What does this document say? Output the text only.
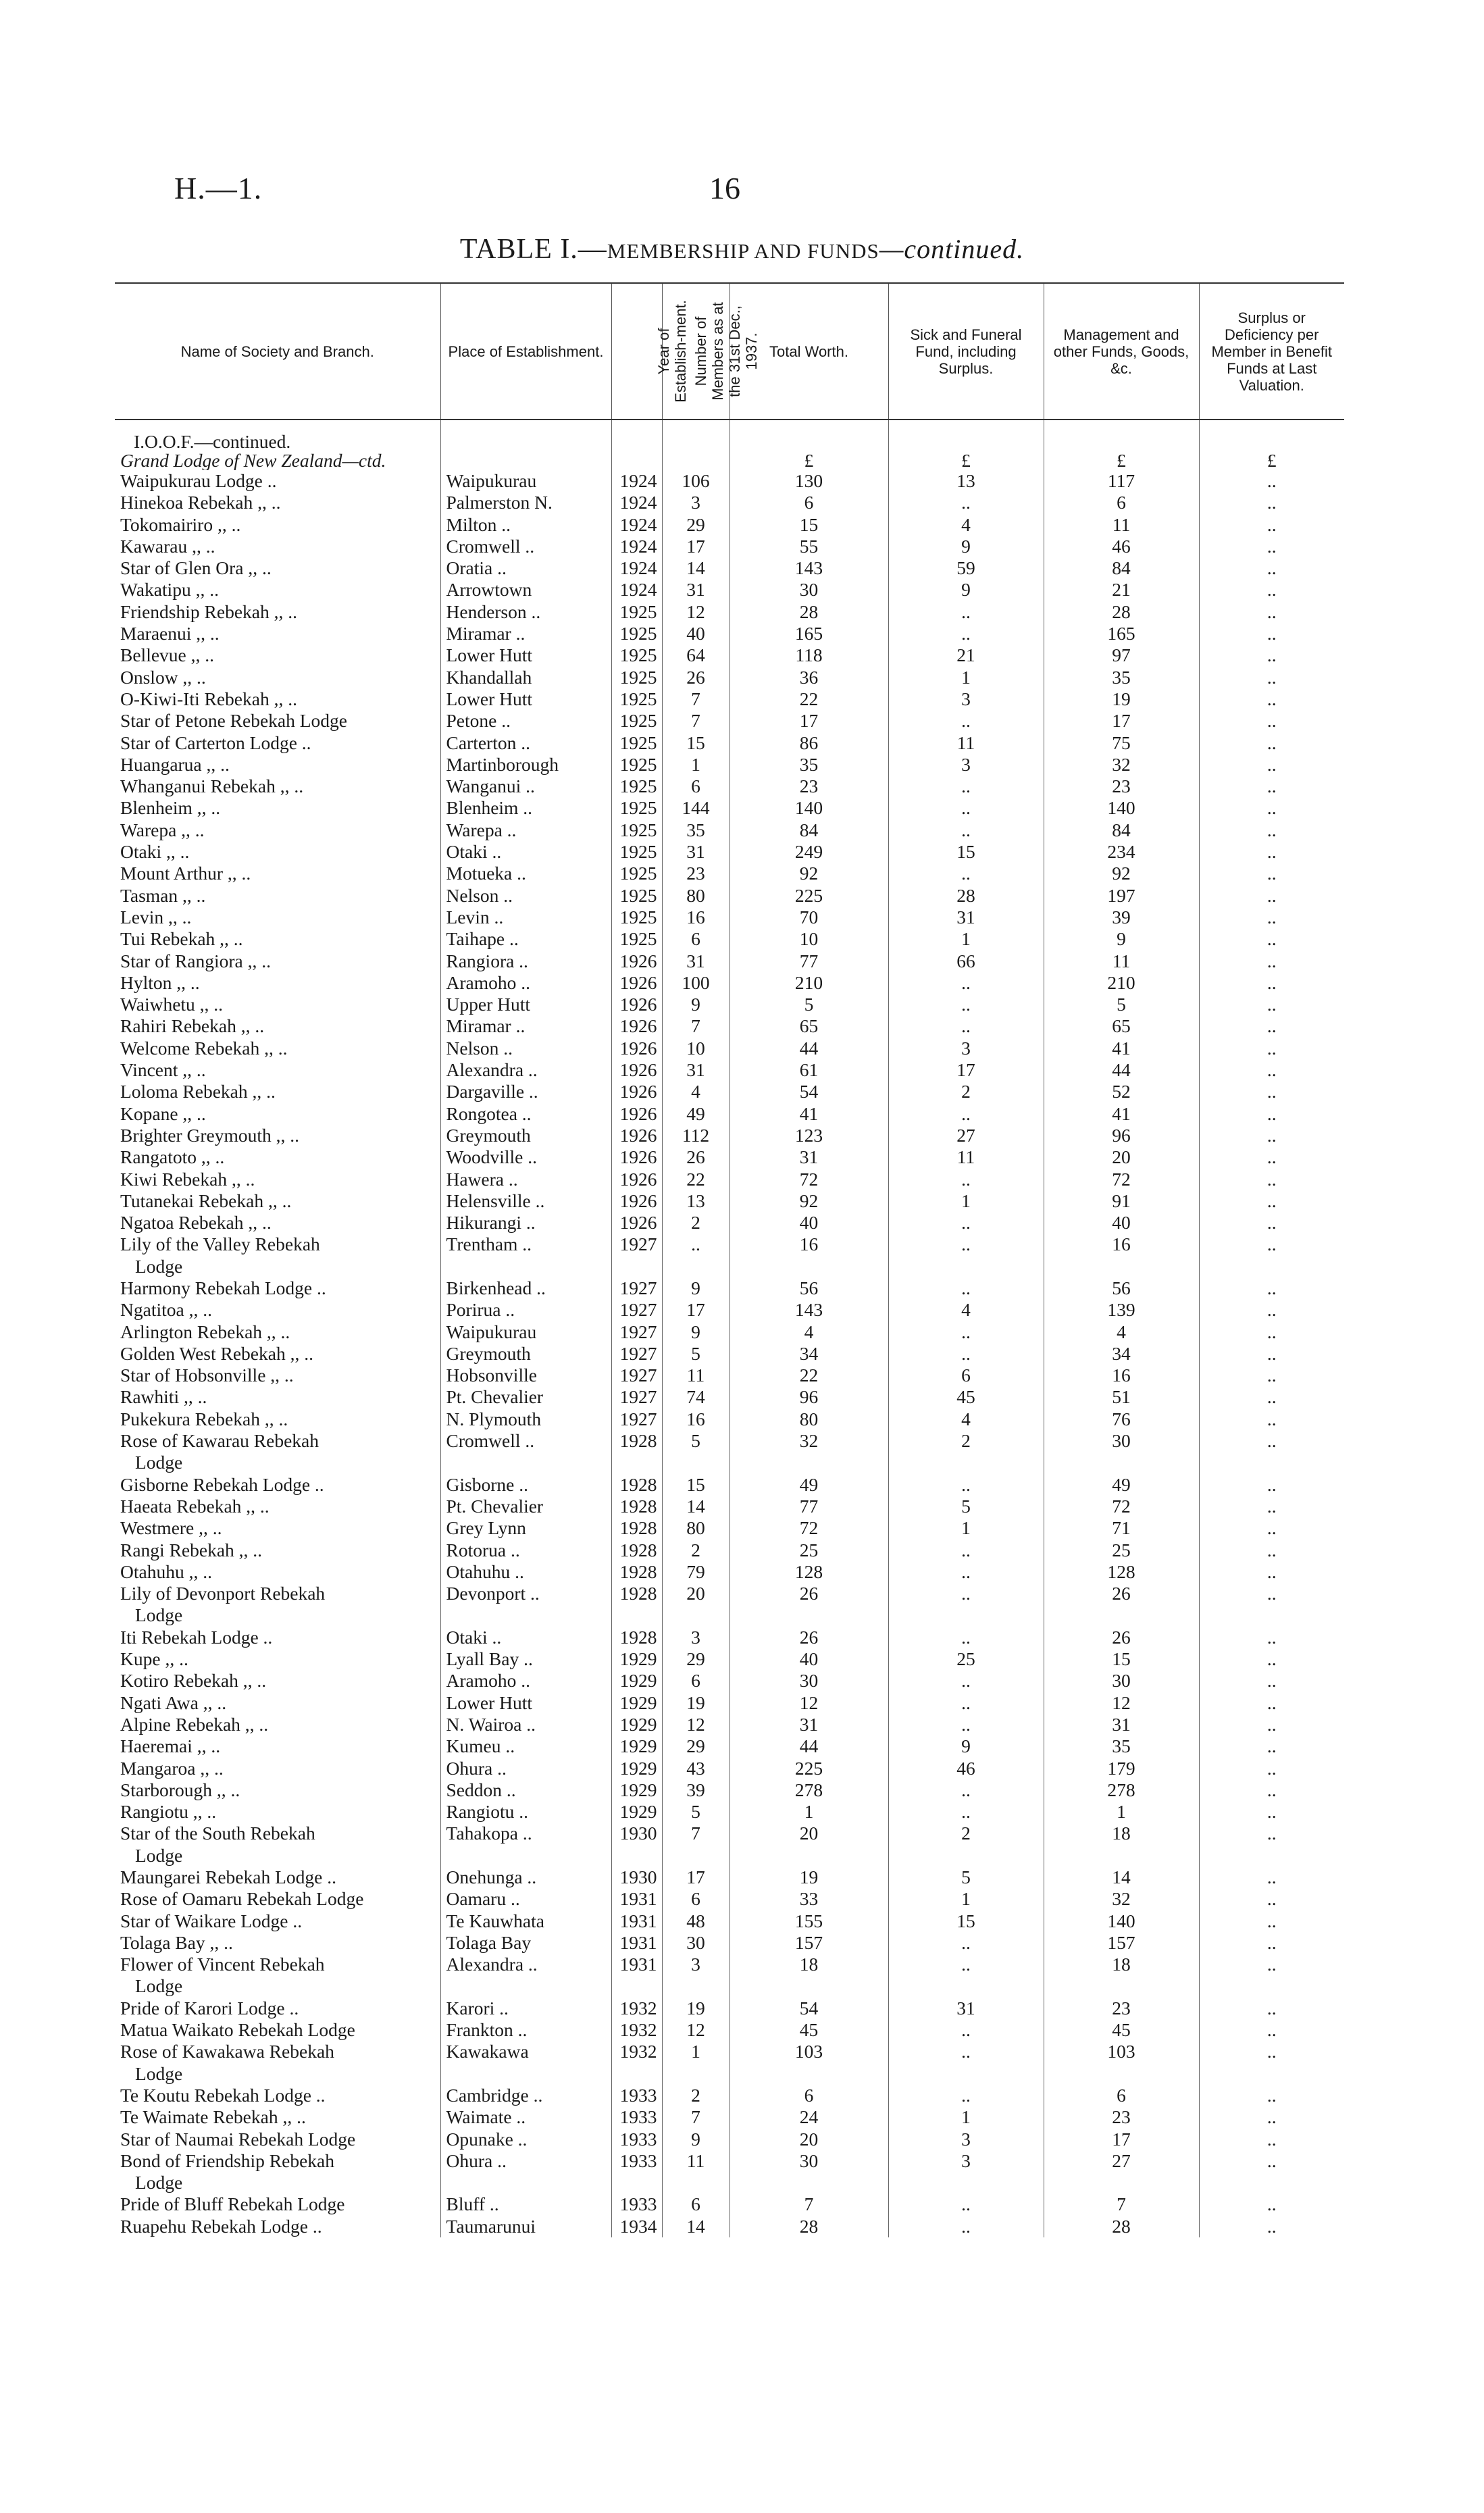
H.—1.	16
TABLE I.—MEMBERSHIP AND FUNDS—continued.
Name of Society and Branch.	Place of Establishment.	Year of Establish-ment.	Number of Members as at the 31st Dec., 1937.	Total Worth.	Sick and Funeral Fund, including Surplus.	Management and other Funds, Goods, &c.	Surplus or Deficiency per Member in Benefit Funds at Last Valuation.

I.O.O.F.—continued.							
Grand Lodge of New Zealand—ctd.				£	£	£	£
Waipukurau Lodge ..	Waipukurau	1924	106	130	13	117	..
Hinekoa Rebekah ,, ..	Palmerston N.	1924	3	6	..	6	..
Tokomairiro ,, ..	Milton ..	1924	29	15	4	11	..
Kawarau ,, ..	Cromwell ..	1924	17	55	9	46	..
Star of Glen Ora ,, ..	Oratia ..	1924	14	143	59	84	..
Wakatipu ,, ..	Arrowtown	1924	31	30	9	21	..
Friendship Rebekah ,, ..	Henderson ..	1925	12	28	..	28	..
Maraenui ,, ..	Miramar ..	1925	40	165	..	165	..
Bellevue ,, ..	Lower Hutt	1925	64	118	21	97	..
Onslow ,, ..	Khandallah	1925	26	36	1	35	..
O-Kiwi-Iti Rebekah ,, ..	Lower Hutt	1925	7	22	3	19	..
Star of Petone Rebekah Lodge	Petone ..	1925	7	17	..	17	..
Star of Carterton Lodge ..	Carterton ..	1925	15	86	11	75	..
Huangarua ,, ..	Martinborough	1925	1	35	3	32	..
Whanganui Rebekah ,, ..	Wanganui ..	1925	6	23	..	23	..
Blenheim ,, ..	Blenheim ..	1925	144	140	..	140	..
Warepa ,, ..	Warepa ..	1925	35	84	..	84	..
Otaki ,, ..	Otaki ..	1925	31	249	15	234	..
Mount Arthur ,, ..	Motueka ..	1925	23	92	..	92	..
Tasman ,, ..	Nelson ..	1925	80	225	28	197	..
Levin ,, ..	Levin ..	1925	16	70	31	39	..
Tui Rebekah ,, ..	Taihape ..	1925	6	10	1	9	..
Star of Rangiora ,, ..	Rangiora ..	1926	31	77	66	11	..
Hylton ,, ..	Aramoho ..	1926	100	210	..	210	..
Waiwhetu ,, ..	Upper Hutt	1926	9	5	..	5	..
Rahiri Rebekah ,, ..	Miramar ..	1926	7	65	..	65	..
Welcome Rebekah ,, ..	Nelson ..	1926	10	44	3	41	..
Vincent ,, ..	Alexandra ..	1926	31	61	17	44	..
Loloma Rebekah ,, ..	Dargaville ..	1926	4	54	2	52	..
Kopane ,, ..	Rongotea ..	1926	49	41	..	41	..
Brighter Greymouth ,, ..	Greymouth	1926	112	123	27	96	..
Rangatoto ,, ..	Woodville ..	1926	26	31	11	20	..
Kiwi Rebekah ,, ..	Hawera ..	1926	22	72	..	72	..
Tutanekai Rebekah ,, ..	Helensville ..	1926	13	92	1	91	..
Ngatoa Rebekah ,, ..	Hikurangi ..	1926	2	40	..	40	..
Lily of the Valley Rebekah	Trentham ..	1927	..	16	..	16	..
Lodge							
Harmony Rebekah Lodge ..	Birkenhead ..	1927	9	56	..	56	..
Ngatitoa ,, ..	Porirua ..	1927	17	143	4	139	..
Arlington Rebekah ,, ..	Waipukurau	1927	9	4	..	4	..
Golden West Rebekah ,, ..	Greymouth	1927	5	34	..	34	..
Star of Hobsonville ,, ..	Hobsonville	1927	11	22	6	16	..
Rawhiti ,, ..	Pt. Chevalier	1927	74	96	45	51	..
Pukekura Rebekah ,, ..	N. Plymouth	1927	16	80	4	76	..
Rose of Kawarau Rebekah	Cromwell ..	1928	5	32	2	30	..
Lodge							
Gisborne Rebekah Lodge ..	Gisborne ..	1928	15	49	..	49	..
Haeata Rebekah ,, ..	Pt. Chevalier	1928	14	77	5	72	..
Westmere ,, ..	Grey Lynn	1928	80	72	1	71	..
Rangi Rebekah ,, ..	Rotorua ..	1928	2	25	..	25	..
Otahuhu ,, ..	Otahuhu ..	1928	79	128	..	128	..
Lily of Devonport Rebekah	Devonport ..	1928	20	26	..	26	..
Lodge							
Iti Rebekah Lodge ..	Otaki ..	1928	3	26	..	26	..
Kupe ,, ..	Lyall Bay ..	1929	29	40	25	15	..
Kotiro Rebekah ,, ..	Aramoho ..	1929	6	30	..	30	..
Ngati Awa ,, ..	Lower Hutt	1929	19	12	..	12	..
Alpine Rebekah ,, ..	N. Wairoa ..	1929	12	31	..	31	..
Haeremai ,, ..	Kumeu ..	1929	29	44	9	35	..
Mangaroa ,, ..	Ohura ..	1929	43	225	46	179	..
Starborough ,, ..	Seddon ..	1929	39	278	..	278	..
Rangiotu ,, ..	Rangiotu ..	1929	5	1	..	1	..
Star of the South Rebekah	Tahakopa ..	1930	7	20	2	18	..
Lodge							
Maungarei Rebekah Lodge ..	Onehunga ..	1930	17	19	5	14	..
Rose of Oamaru Rebekah Lodge	Oamaru ..	1931	6	33	1	32	..
Star of Waikare Lodge ..	Te Kauwhata	1931	48	155	15	140	..
Tolaga Bay ,, ..	Tolaga Bay	1931	30	157	..	157	..
Flower of Vincent Rebekah	Alexandra ..	1931	3	18	..	18	..
Lodge							
Pride of Karori Lodge ..	Karori ..	1932	19	54	31	23	..
Matua Waikato Rebekah Lodge	Frankton ..	1932	12	45	..	45	..
Rose of Kawakawa Rebekah	Kawakawa	1932	1	103	..	103	..
Lodge							
Te Koutu Rebekah Lodge ..	Cambridge ..	1933	2	6	..	6	..
Te Waimate Rebekah ,, ..	Waimate ..	1933	7	24	1	23	..
Star of Naumai Rebekah Lodge	Opunake ..	1933	9	20	3	17	..
Bond of Friendship Rebekah	Ohura ..	1933	11	30	3	27	..
Lodge							
Pride of Bluff Rebekah Lodge	Bluff ..	1933	6	7	..	7	..
Ruapehu Rebekah Lodge ..	Taumarunui	1934	14	28	..	28	..
